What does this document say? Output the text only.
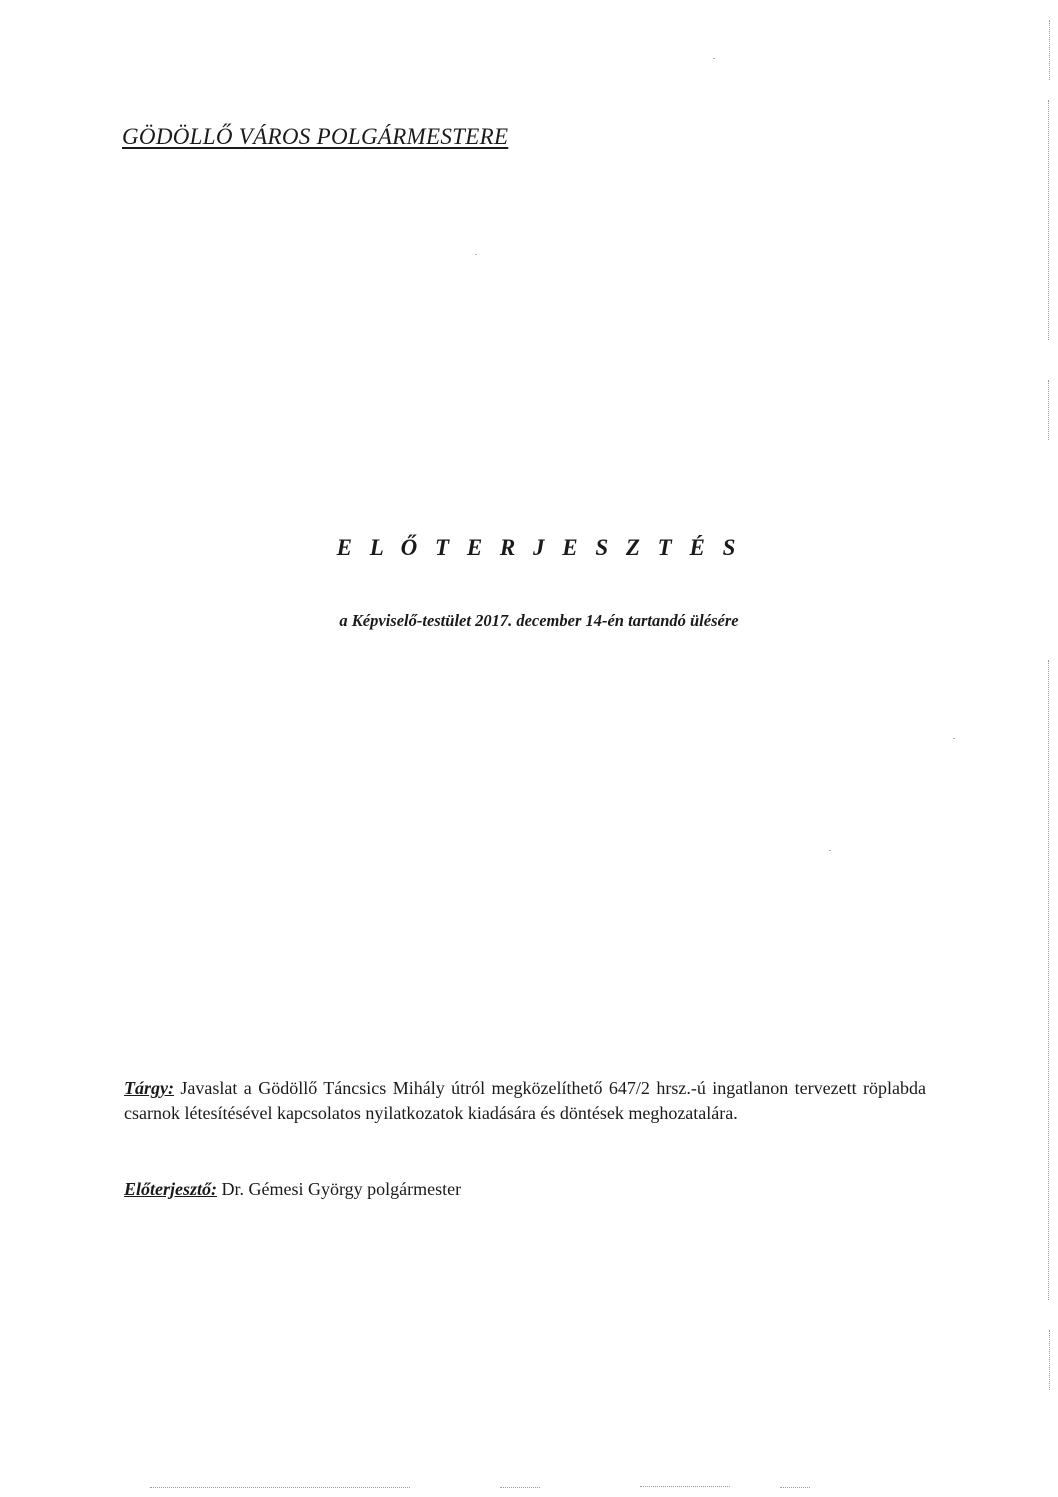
GÖDÖLLŐ VÁROS POLGÁRMESTERE
E L Ő T E R J E S Z T É S
a Képviselő-testület 2017. december 14-én tartandó ülésére
Tárgy: Javaslat a Gödöllő Táncsics Mihály útról megközelíthető 647/2 hrsz.-ú ingatlanon tervezett röplabda csarnok létesítésével kapcsolatos nyilatkozatok kiadására és döntések meghozatalára.
Előterjesztő: Dr. Gémesi György polgármester
